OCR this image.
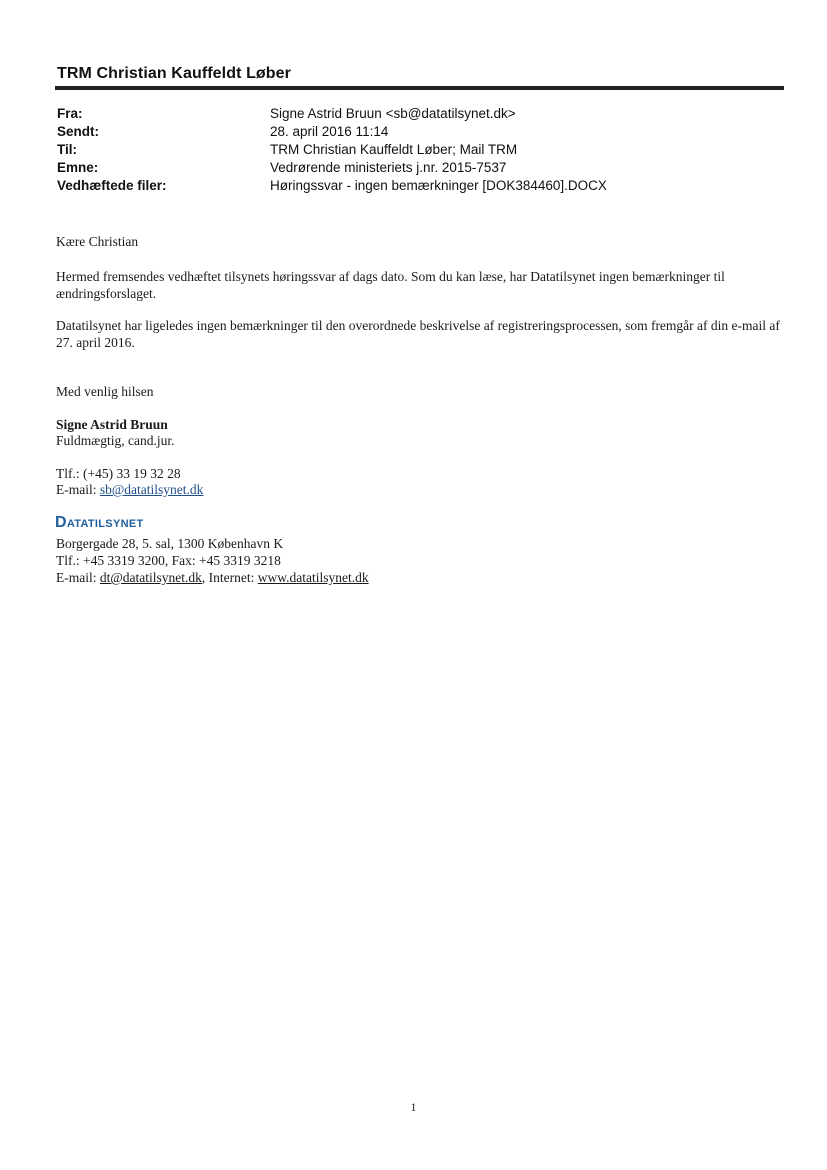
TRM Christian Kauffeldt Løber
Fra:	Signe Astrid Bruun <sb@datatilsynet.dk>
Sendt:	28. april 2016 11:14
Til:	TRM Christian Kauffeldt Løber; Mail TRM
Emne:	Vedrørende ministeriets j.nr. 2015-7537
Vedhæftede filer:	Høringssvar - ingen bemærkninger [DOK384460].DOCX
Kære Christian
Hermed fremsendes vedhæftet tilsynets høringssvar af dags dato. Som du kan læse, har Datatilsynet ingen bemærkninger til ændringsforslaget.
Datatilsynet har ligeledes ingen bemærkninger til den overordnede beskrivelse af registreringsprocessen, som fremgår af din e-mail af 27. april 2016.
Med venlig hilsen
Signe Astrid Bruun
Fuldmægtig, cand.jur.
Tlf.: (+45) 33 19 32 28
E-mail: sb@datatilsynet.dk
Datatilsynet
Borgergade 28, 5. sal, 1300 København K
Tlf.: +45 3319 3200, Fax: +45 3319 3218
E-mail: dt@datatilsynet.dk, Internet: www.datatilsynet.dk
1
